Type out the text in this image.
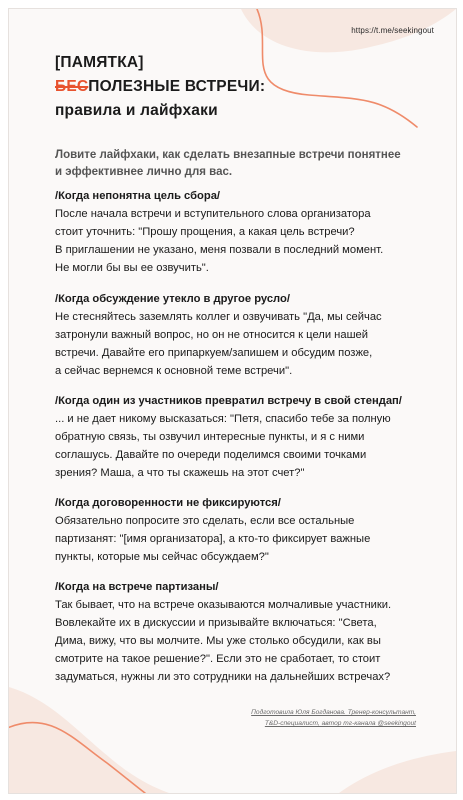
https://t.me/seekingout
[ПАМЯТКА]
БЕСПОЛЕЗНЫЕ ВСТРЕЧИ:
правила и лайфхаки
Ловите лайфхаки, как сделать внезапные встречи понятнее
и эффективнее лично для вас.
/Когда непонятна цель сбора/
После начала встречи и вступительного слова организатора
стоит уточнить: "Прошу прощения, а какая цель встречи?
В приглашении не указано, меня позвали в последний момент.
Не могли бы вы ее озвучить".
/Когда обсуждение утекло в другое русло/
Не стесняйтесь заземлять коллег и озвучивать "Да, мы сейчас
затронули важный вопрос, но он не относится к цели нашей
встречи. Давайте его припаркуем/запишем и обсудим позже,
а сейчас вернемся к основной теме встречи".
/Когда один из участников превратил встречу в свой стендап/
... и не дает никому высказаться: "Петя, спасибо тебе за полную
обратную связь, ты озвучил интересные пункты, и я с ними
соглашусь. Давайте по очереди поделимся своими точками
зрения? Маша, а что ты скажешь на этот счет?"
/Когда договоренности не фиксируются/
Обязательно попросите это сделать, если все остальные
партизанят: "[имя организатора], а кто-то фиксирует важные
пункты, которые мы сейчас обсуждаем?"
/Когда на встрече партизаны/
Так бывает, что на встрече оказываются молчаливые участники.
Вовлекайте их в дискуссии и призывайте включаться: "Света,
Дима, вижу, что вы молчите. Мы уже столько обсудили, как вы
смотрите на такое решение?". Если это не сработает, то стоит
задуматься, нужны ли это сотрудники на дальнейших встречах?
Подготовила Юля Богданова. Тренер-консультант,
T&D-специалист, автор тг-канала @seekingout
